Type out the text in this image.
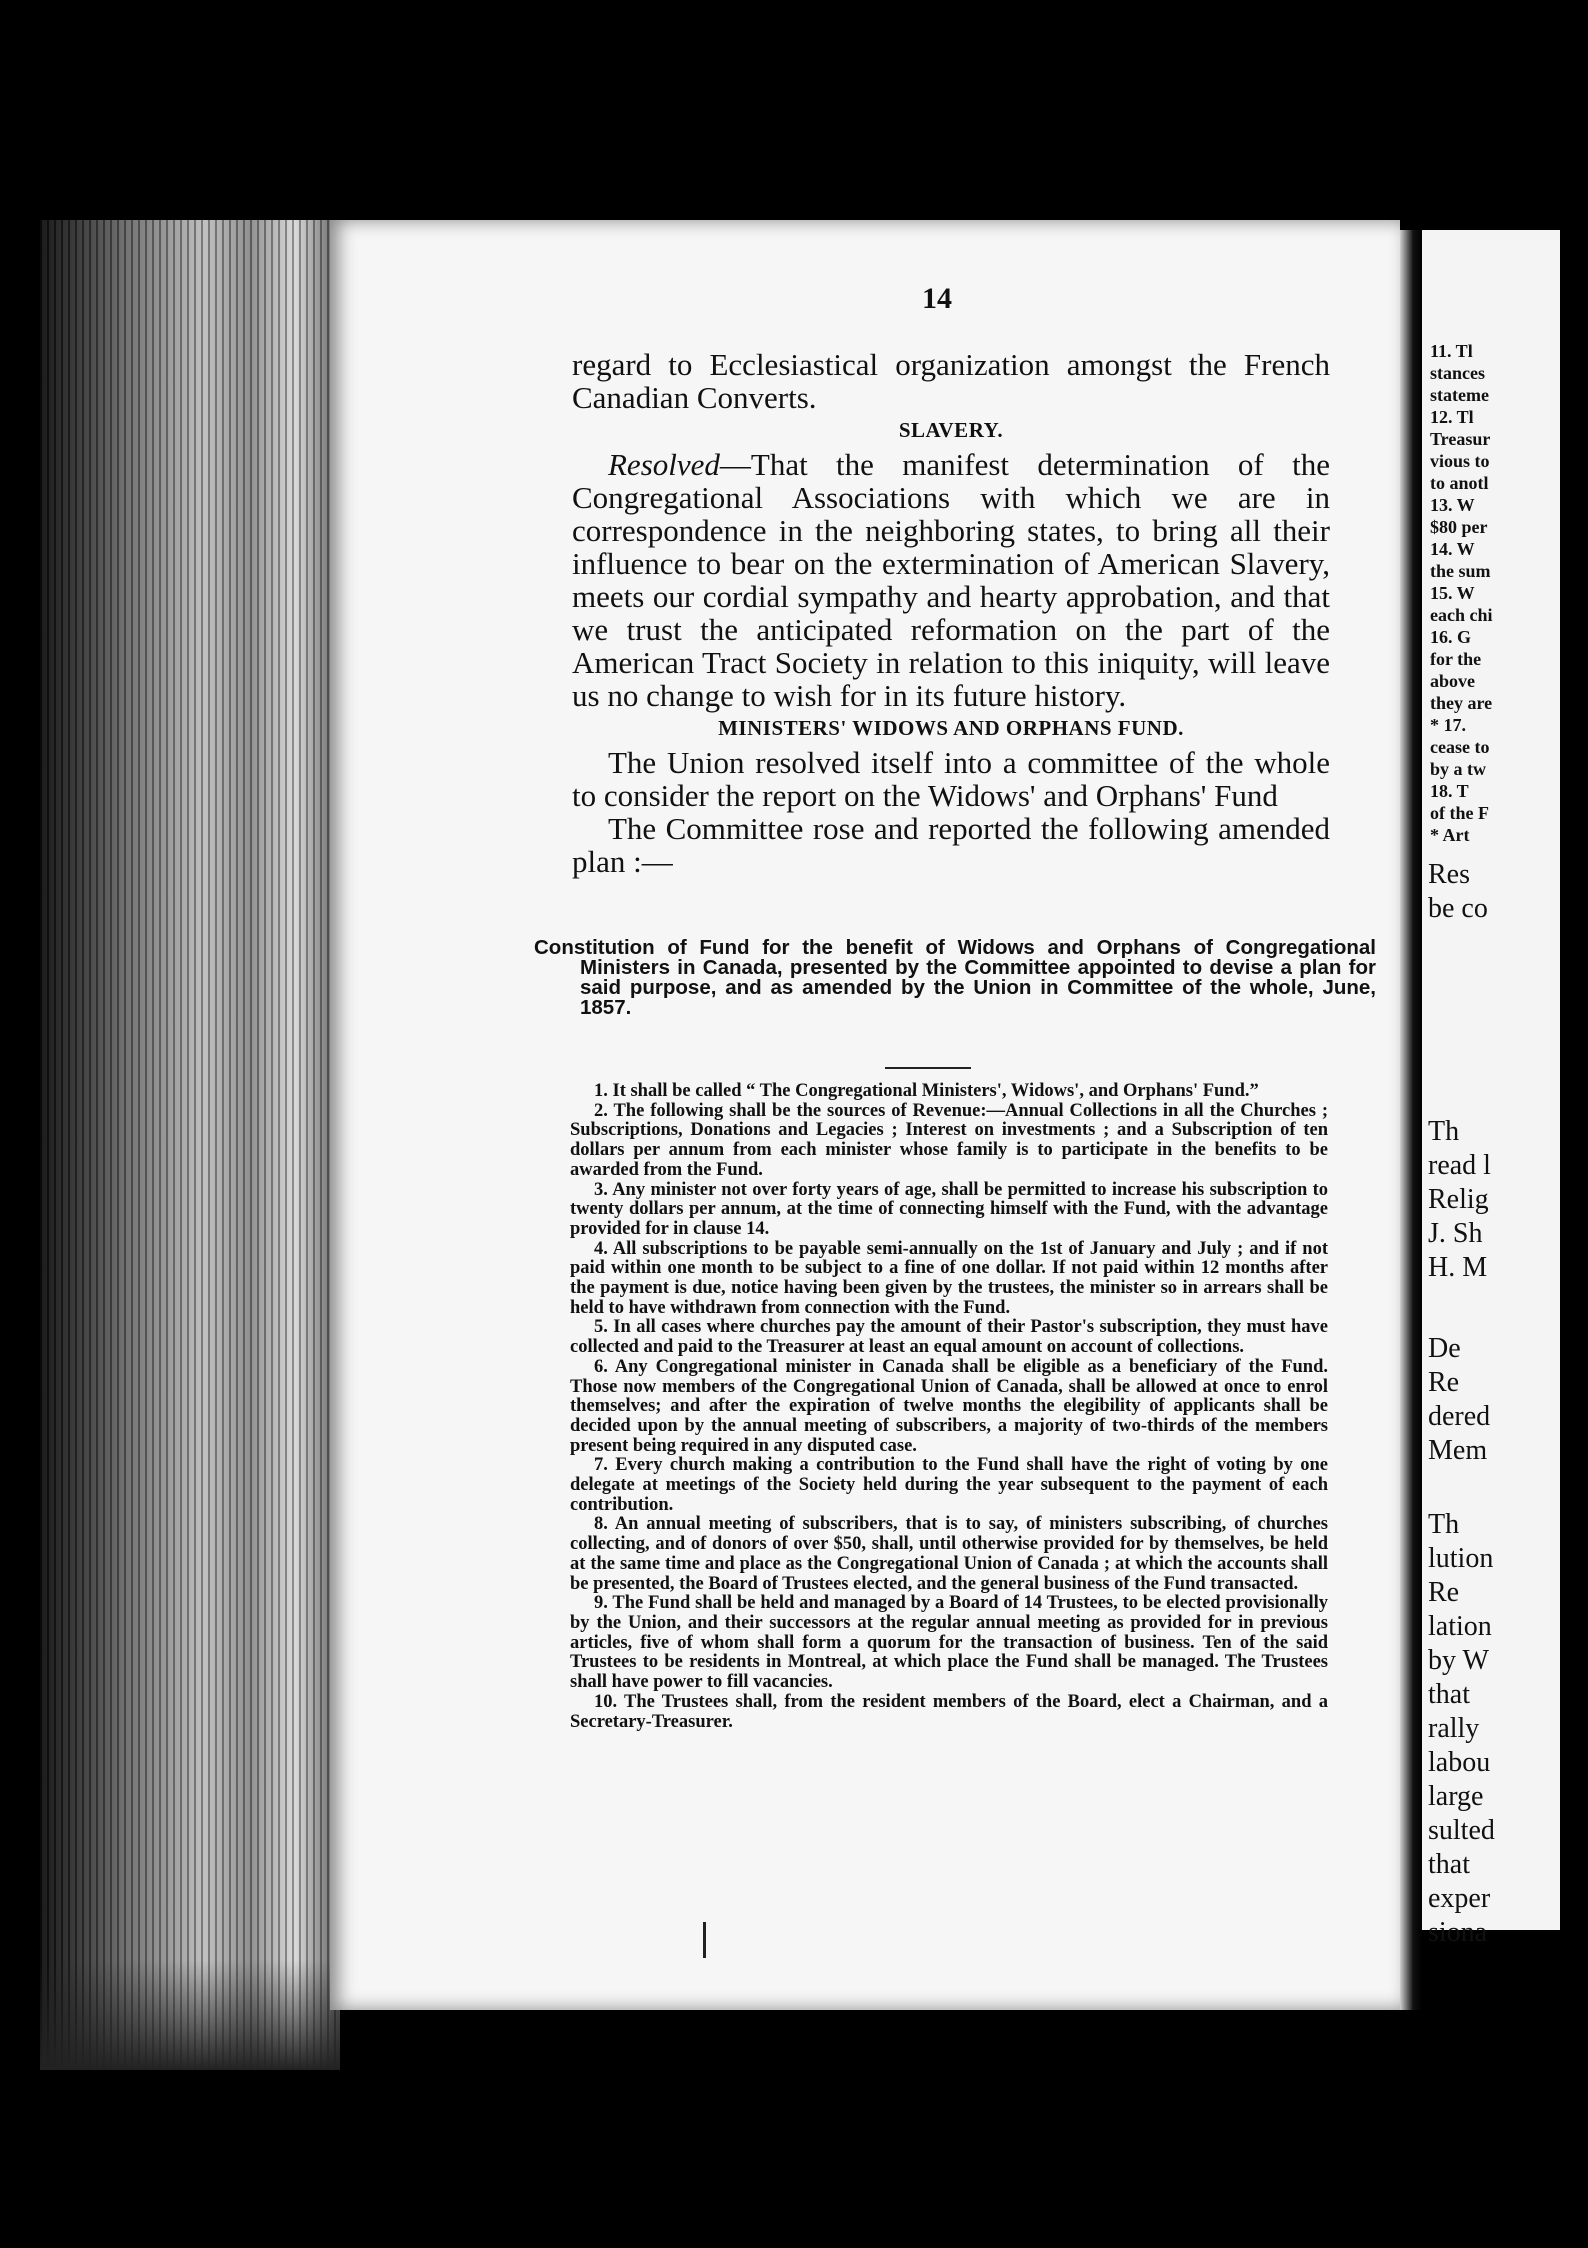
14

regard to Ecclesiastical organization amongst the French Canadian Converts.

SLAVERY.

Resolved—That the manifest determination of the Congregational Associations with which we are in correspondence in the neighboring states, to bring all their influence to bear on the extermination of American Slavery, meets our cordial sympathy and hearty approbation, and that we trust the anticipated reformation on the part of the American Tract Society in relation to this iniquity, will leave us no change to wish for in its future history.

MINISTERS' WIDOWS AND ORPHANS FUND.

The Union resolved itself into a committee of the whole to consider the report on the Widows' and Orphans' Fund

The Committee rose and reported the following amended plan :—

Constitution of Fund for the benefit of Widows and Orphans of Congregational Ministers in Canada, presented by the Committee appointed to devise a plan for said purpose, and as amended by the Union in Committee of the whole, June, 1857.

1. It shall be called “ The Congregational Ministers', Widows', and Orphans' Fund.”

2. The following shall be the sources of Revenue:—Annual Collections in all the Churches ; Subscriptions, Donations and Legacies ; Interest on investments ; and a Subscription of ten dollars per annum from each minister whose family is to participate in the benefits to be awarded from the Fund.

3. Any minister not over forty years of age, shall be permitted to increase his subscription to twenty dollars per annum, at the time of connecting himself with the Fund, with the advantage provided for in clause 14.

4. All subscriptions to be payable semi-annually on the 1st of January and July ; and if not paid within one month to be subject to a fine of one dollar. If not paid within 12 months after the payment is due, notice having been given by the trustees, the minister so in arrears shall be held to have withdrawn from connection with the Fund.

5. In all cases where churches pay the amount of their Pastor's subscription, they must have collected and paid to the Treasurer at least an equal amount on account of collections.

6. Any Congregational minister in Canada shall be eligible as a beneficiary of the Fund. Those now members of the Congregational Union of Canada, shall be allowed at once to enrol themselves; and after the expiration of twelve months the elegibility of applicants shall be decided upon by the annual meeting of subscribers, a majority of two-thirds of the members present being required in any disputed case.

7. Every church making a contribution to the Fund shall have the right of voting by one delegate at meetings of the Society held during the year subsequent to the payment of each contribution.

8. An annual meeting of subscribers, that is to say, of ministers subscribing, of churches collecting, and of donors of over $50, shall, until otherwise provided for by themselves, be held at the same time and place as the Congregational Union of Canada ; at which the accounts shall be presented, the Board of Trustees elected, and the general business of the Fund transacted.

9. The Fund shall be held and managed by a Board of 14 Trustees, to be elected provisionally by the Union, and their successors at the regular annual meeting as provided for in previous articles, five of whom shall form a quorum for the transaction of business. Ten of the said Trustees to be residents in Montreal, at which place the Fund shall be managed. The Trustees shall have power to fill vacancies.

10. The Trustees shall, from the resident members of the Board, elect a Chairman, and a Secretary-Treasurer.

11. Tl
stances
stateme
12. Tl
Treasur
vious to
to anotl
13. W
$80 per
14. W
the sum
15. W
each chi
16. G
for the
above
they are
* 17.
cease to
by a tw
18. T
of the F
* Art
Res
be co
Th
read l
Relig
J. Sh
H. M
De
Re
dered
Mem
Th
lution
Re
lation
by W
that
rally
labou
large
sulted
that
exper
siona
